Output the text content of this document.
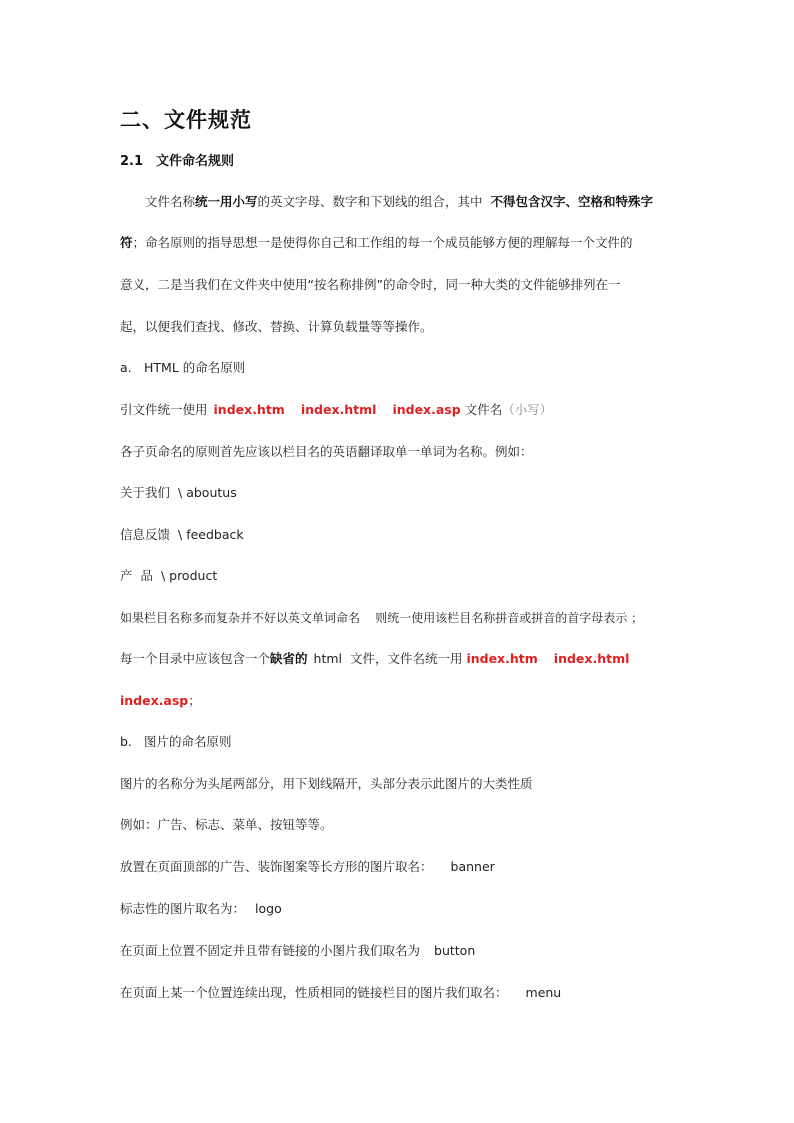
二、文件规范
2.1 文件命名规则
文件名称统一用小写的英文字母、数字和下划线的组合，其中 不得包含汉字、空格和特殊字
符；命名原则的指导思想一是使得你自己和工作组的每一个成员能够方便的理解每一个文件的
意义，二是当我们在文件夹中使用“按名称排例”的命令时，同一种大类的文件能够排列在一
起，以便我们查找、修改、替换、计算负载量等等操作。
a. HTML 的命名原则
引文件统一使用 index.htm index.html index.asp 文件名（小写）
各子页命名的原则首先应该以栏目名的英语翻译取单一单词为名称。例如：
关于我们 \ aboutus
信息反馈 \ feedback
产  品 \ product
如果栏目名称多而复杂并不好以英文单词命名    则统一使用该栏目名称拼音或拼音的首字母表示 ；
每一个目录中应该包含一个缺省的 html  文件，文件名统一用 index.htm index.html
index.asp；
b. 图片的命名原则
图片的名称分为头尾两部分，用下划线隔开，头部分表示此图片的大类性质
例如：广告、标志、菜单、按钮等等。
放置在页面顶部的广告、装饰图案等长方形的图片取名： banner
标志性的图片取名为： logo
在页面上位置不固定并且带有链接的小图片我们取名为 button
在页面上某一个位置连续出现，性质相同的链接栏目的图片我们取名： menu
